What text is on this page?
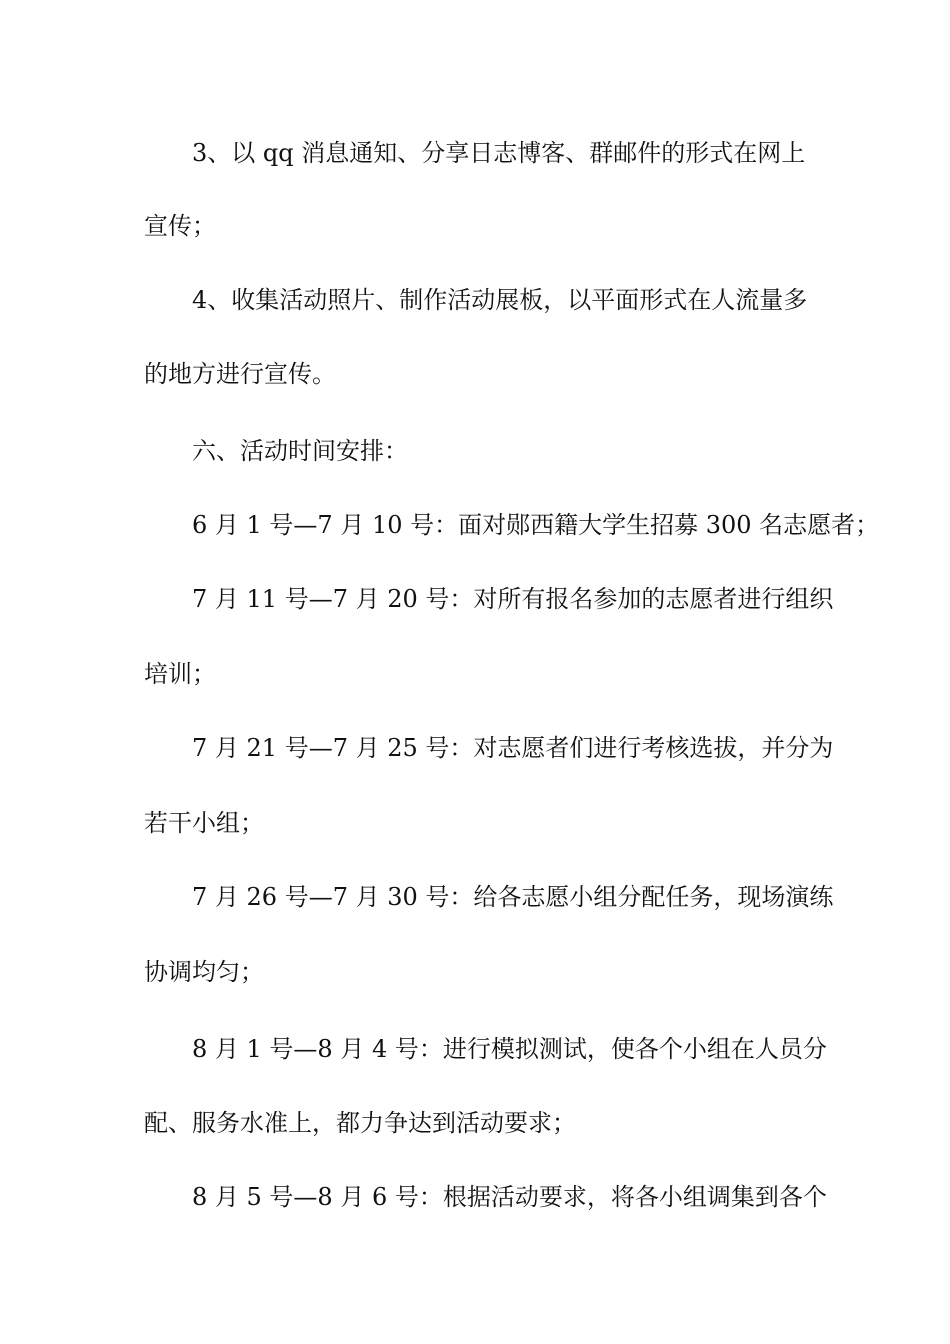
3、以 qq 消息通知、分享日志博客、群邮件的形式在网上
宣传；
4、收集活动照片、制作活动展板，以平面形式在人流量多
的地方进行宣传。
六、活动时间安排：
6 月 1 号—7 月 10 号：面对郧西籍大学生招募 300 名志愿者；
7 月 11 号—7 月 20 号：对所有报名参加的志愿者进行组织
培训；
7 月 21 号—7 月 25 号：对志愿者们进行考核选拔，并分为
若干小组；
7 月 26 号—7 月 30 号：给各志愿小组分配任务，现场演练
协调均匀；
8 月 1 号—8 月 4 号：进行模拟测试，使各个小组在人员分
配、服务水准上，都力争达到活动要求；
8 月 5 号—8 月 6 号：根据活动要求，将各小组调集到各个
